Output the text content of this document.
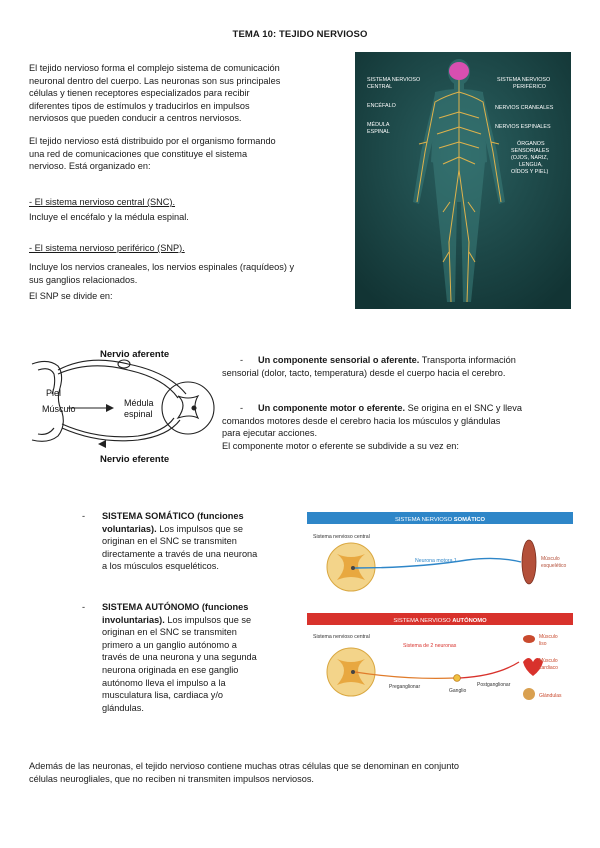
TEMA 10: TEJIDO NERVIOSO
El tejido nervioso forma el complejo sistema de comunicación
neuronal dentro del cuerpo. Las neuronas son sus principales
células y tienen receptores especializados para recibir
diferentes tipos de estímulos y traducirlos en impulsos
nerviosos que pueden conducir a centros nerviosos.
El tejido nervioso está distribuido por el organismo formando
una red de comunicaciones que constituye el sistema
nervioso. Está organizado en:
- El sistema nervioso central (SNC).
Incluye el encéfalo y la médula espinal.
- El sistema nervioso periférico (SNP).
Incluye los nervios craneales, los nervios espinales (raquídeos) y
sus ganglios relacionados.
El SNP se divide en:
SISTEMA NERVIOSO
CENTRAL
ENCÉFALO
MÉDULA
ESPINAL
SISTEMA NERVIOSO
PERIFÉRICO
NERVIOS CRANEALES
NERVIOS ESPINALES
ÓRGANOS
SENSORIALES
(OJOS, NARIZ,
LENGUA,
OÍDOS Y PIEL)
Nervio aferente
Nervio eferente
Piel
Músculo
Médula
espinal
- Un componente sensorial o aferente. Transporta información
sensorial (dolor, tacto, temperatura) desde el cuerpo hacia el cerebro.
- Un componente motor o eferente. Se origina en el SNC y lleva
comandos motores desde el cerebro hacia los músculos y glándulas
para ejecutar acciones.
El componente motor o eferente se subdivide a su vez en:
- SISTEMA SOMÁTICO (funciones
voluntarias). Los impulsos que se
originan en el SNC se transmiten
directamente a través de una neurona
a los músculos esqueléticos.
- SISTEMA AUTÓNOMO (funciones
involuntarias). Los impulsos que se
originan en el SNC se transmiten
primero a un ganglio autónomo a
través de una neurona y una segunda
neurona originada en ese ganglio
autónomo lleva el impulso a la
musculatura lisa, cardiaca y/o
glándulas.
SISTEMA NERVIOSO SOMÁTICO
Sistema nervioso central
Neurona motora 1	Músculo
esquelético
SISTEMA NERVIOSO AUTÓNOMO
Sistema nervioso central
Sistema de 2 neuronas
Preganglionar
Ganglio
Postganglionar
Músculo
liso
Músculo
cardiaco
Glándulas
Además de las neuronas, el tejido nervioso contiene muchas otras células que se denominan en conjunto
células neurogliales, que no reciben ni transmiten impulsos nerviosos.
